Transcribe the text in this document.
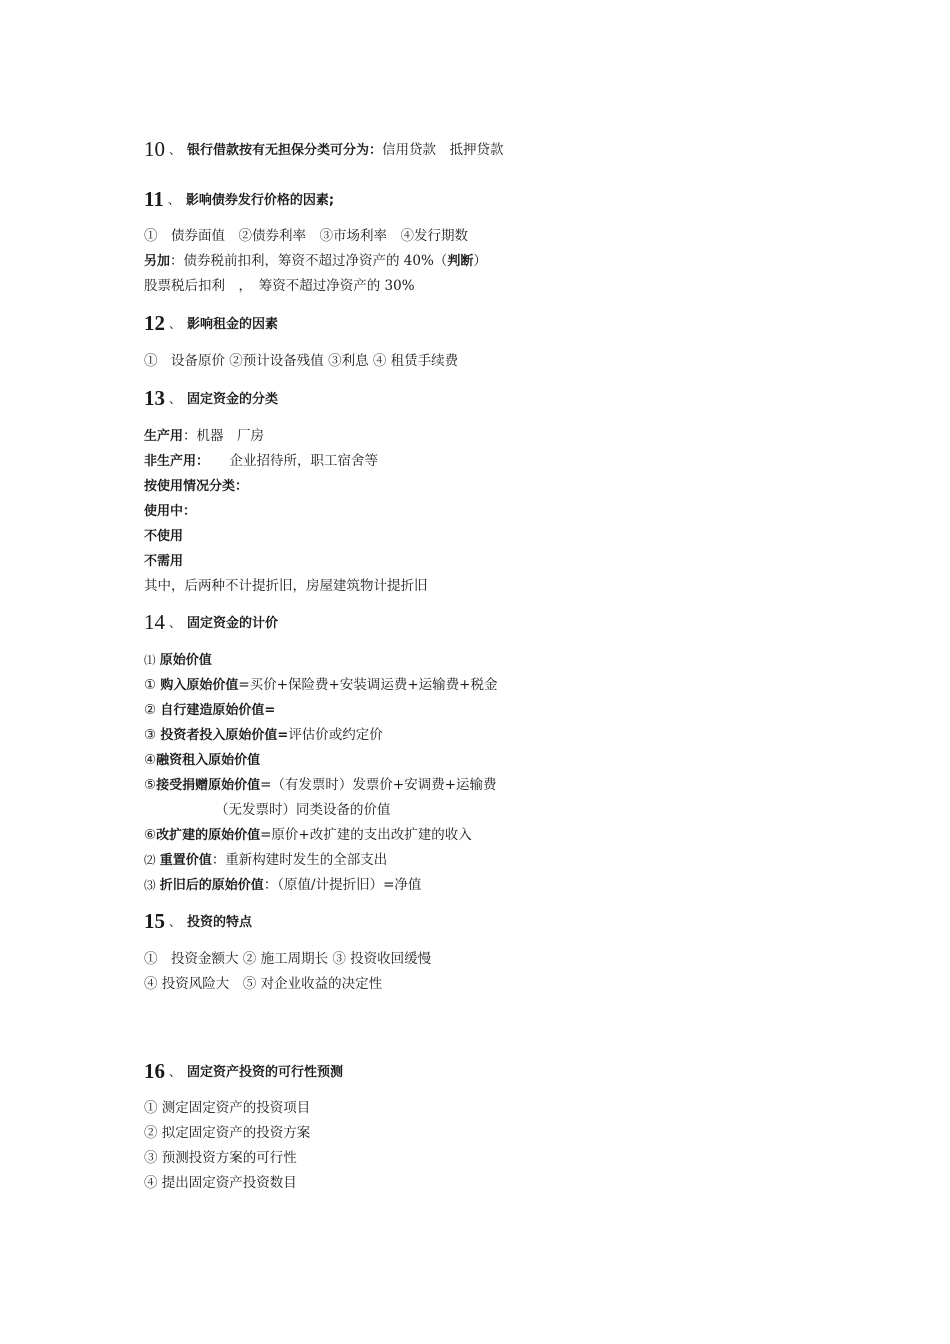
10 、 银行借款按有无担保分类可分为：信用贷款　抵押贷款
11 、 影响债券发行价格的因素;
①　债券面值　②债券利率　③市场利率　④发行期数
另加：债券税前扣利，筹资不超过净资产的 40%（判断）
股票税后扣利　，　筹资不超过净资产的 30%
12 、 影响租金的因素
①　设备原价 ②预计设备残值 ③利息 ④ 租赁手续费
13 、 固定资金的分类
生产用：机器　厂房
非生产用：　　企业招待所，职工宿舍等
按使用情况分类：
使用中：
不使用
不需用
其中，后两种不计提折旧，房屋建筑物计提折旧
14 、 固定资金的计价
⑴ 原始价值
① 购入原始价值=买价+保险费+安装调运费+运输费+税金
② 自行建造原始价值=
③ 投资者投入原始价值=评估价或约定价
④融资租入原始价值
⑤接受捐赠原始价值=（有发票时）发票价+安调费+运输费
（无发票时）同类设备的价值
⑥改扩建的原始价值=原价+改扩建的支出改扩建的收入
⑵ 重置价值：重新构建时发生的全部支出
⑶ 折旧后的原始价值：（原值/计提折旧）=净值
15 、 投资的特点
①　投资金额大 ② 施工周期长 ③ 投资收回缓慢
④ 投资风险大　⑤ 对企业收益的决定性
16 、 固定资产投资的可行性预测
① 测定固定资产的投资项目
② 拟定固定资产的投资方案
③ 预测投资方案的可行性
④ 提出固定资产投资数目
